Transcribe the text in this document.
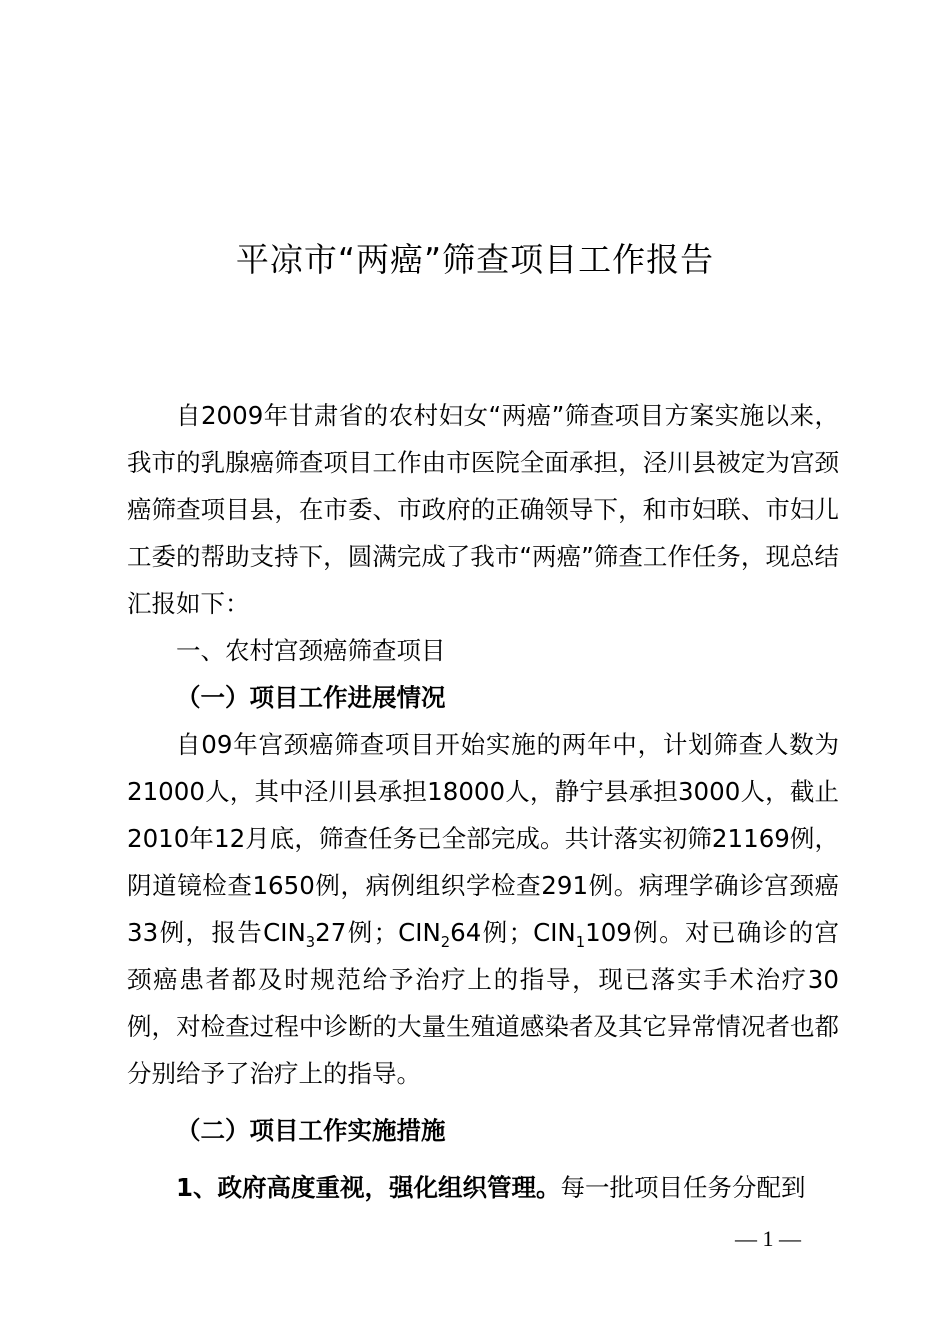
平凉市“两癌”筛查项目工作报告

自2009年甘肃省的农村妇女“两癌”筛查项目方案实施以来，我市的乳腺癌筛查项目工作由市医院全面承担，泾川县被定为宫颈癌筛查项目县，在市委、市政府的正确领导下，和市妇联、市妇儿工委的帮助支持下，圆满完成了我市“两癌”筛查工作任务，现总结汇报如下：

一、农村宫颈癌筛查项目

（一）项目工作进展情况

自09年宫颈癌筛查项目开始实施的两年中，计划筛查人数为21000人，其中泾川县承担18000人，静宁县承担3000人，截止2010年12月底，筛查任务已全部完成。共计落实初筛21169例，阴道镜检查1650例，病例组织学检查291例。病理学确诊宫颈癌33例，报告$CIN_327$例；$CIN_264$例；$CIN_1109$例。对已确诊的宫颈癌患者都及时规范给予治疗上的指导，现已落实手术治疗30例，对检查过程中诊断的大量生殖道感染者及其它异常情况者也都分别给予了治疗上的指导。

（二）项目工作实施措施

1、政府高度重视，强化组织管理。每一批项目任务分配到

— 1 —
